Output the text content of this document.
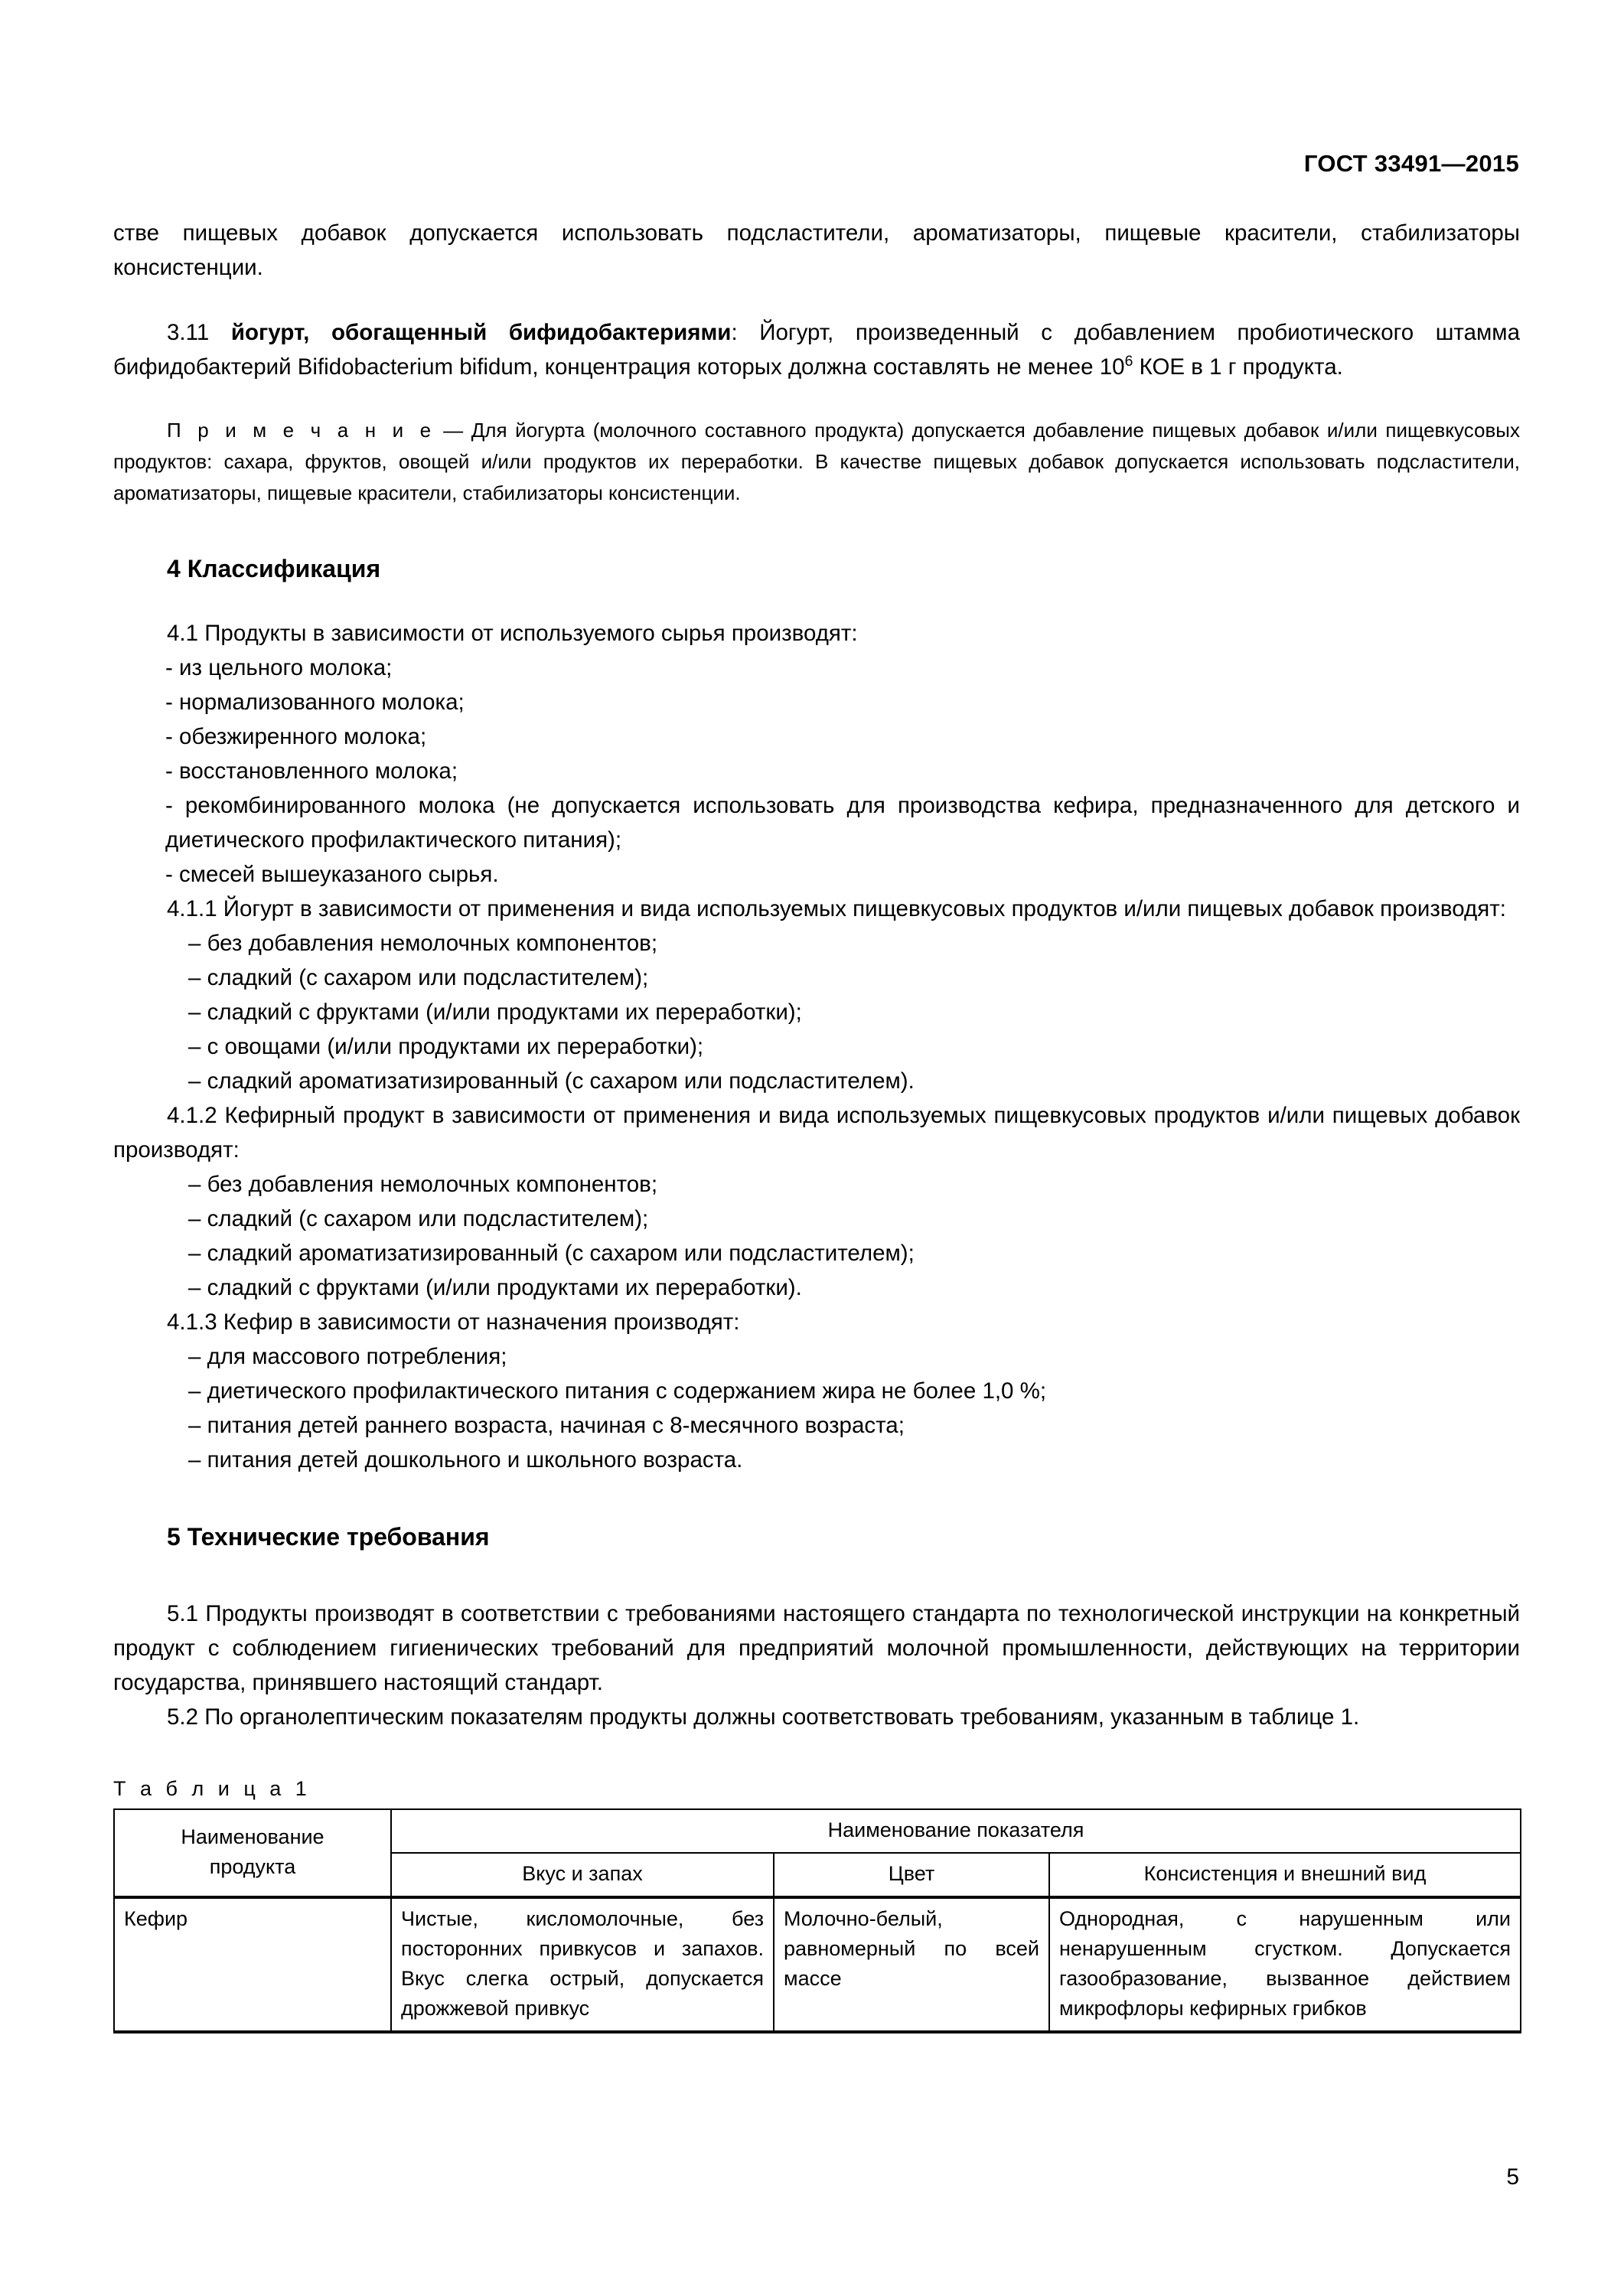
ГОСТ 33491—2015

стве пищевых добавок допускается использовать подсластители, ароматизаторы, пищевые красители, стабилизаторы консистенции.

3.11 йогурт, обогащенный бифидобактериями: Йогурт, произведенный с добавлением пробиотического штамма бифидобактерий Bifidobacterium bifidum, концентрация которых должна составлять не менее $10^6$ КОЕ в 1 г продукта.

П р и м е ч а н и е — Для йогурта (молочного составного продукта) допускается добавление пищевых добавок и/или пищевкусовых продуктов: сахара, фруктов, овощей и/или продуктов их переработки. В качестве пищевых добавок допускается использовать подсластители, ароматизаторы, пищевые красители, стабилизаторы консистенции.

4 Классификация

4.1 Продукты в зависимости от используемого сырья производят:

- из цельного молока;

- нормализованного молока;

- обезжиренного молока;

- восстановленного молока;

- рекомбинированного молока (не допускается использовать для производства кефира, предназначенного для детского и диетического профилактического питания);

- смесей вышеуказаного сырья.

4.1.1 Йогурт в зависимости от применения и вида используемых пищевкусовых продуктов и/или пищевых добавок производят:

– без добавления немолочных компонентов;

– сладкий (с сахаром или подсластителем);

– сладкий с фруктами (и/или продуктами их переработки);

– с овощами (и/или продуктами их переработки);

– сладкий ароматизатизированный (с сахаром или подсластителем).

4.1.2 Кефирный продукт в зависимости от применения и вида используемых пищевкусовых продуктов и/или пищевых добавок производят:

– без добавления немолочных компонентов;

– сладкий (с сахаром или подсластителем);

– сладкий ароматизатизированный (с сахаром или подсластителем);

– сладкий с фруктами (и/или продуктами их переработки).

4.1.3 Кефир в зависимости от назначения производят:

– для массового потребления;

– диетического профилактического питания с содержанием жира не более 1,0 %;

– питания детей раннего возраста, начиная с 8-месячного возраста;

– питания детей дошкольного и школьного возраста.

5 Технические требования

5.1 Продукты производят в соответствии с требованиями настоящего стандарта по технологической инструкции на конкретный продукт с соблюдением гигиенических требований для предприятий молочной промышленности, действующих на территории государства, принявшего настоящий стандарт.

5.2 По органолептическим показателям продукты должны соответствовать требованиям, указанным в таблице 1.

Т а б л и ц а 1
Наименование
продукта	Наименование показателя		
	Вкус и запах	Цвет	Консистенция и внешний вид
Кефир	Чистые, кисломолочные, без посторонних привкусов и запахов. Вкус слегка острый, допускается дрожжевой привкус	Молочно-белый, равномерный по всей массе	Однородная, с нарушенным или ненарушенным сгустком. Допускается газообразование, вызванное действием микрофлоры кефирных грибков
5
